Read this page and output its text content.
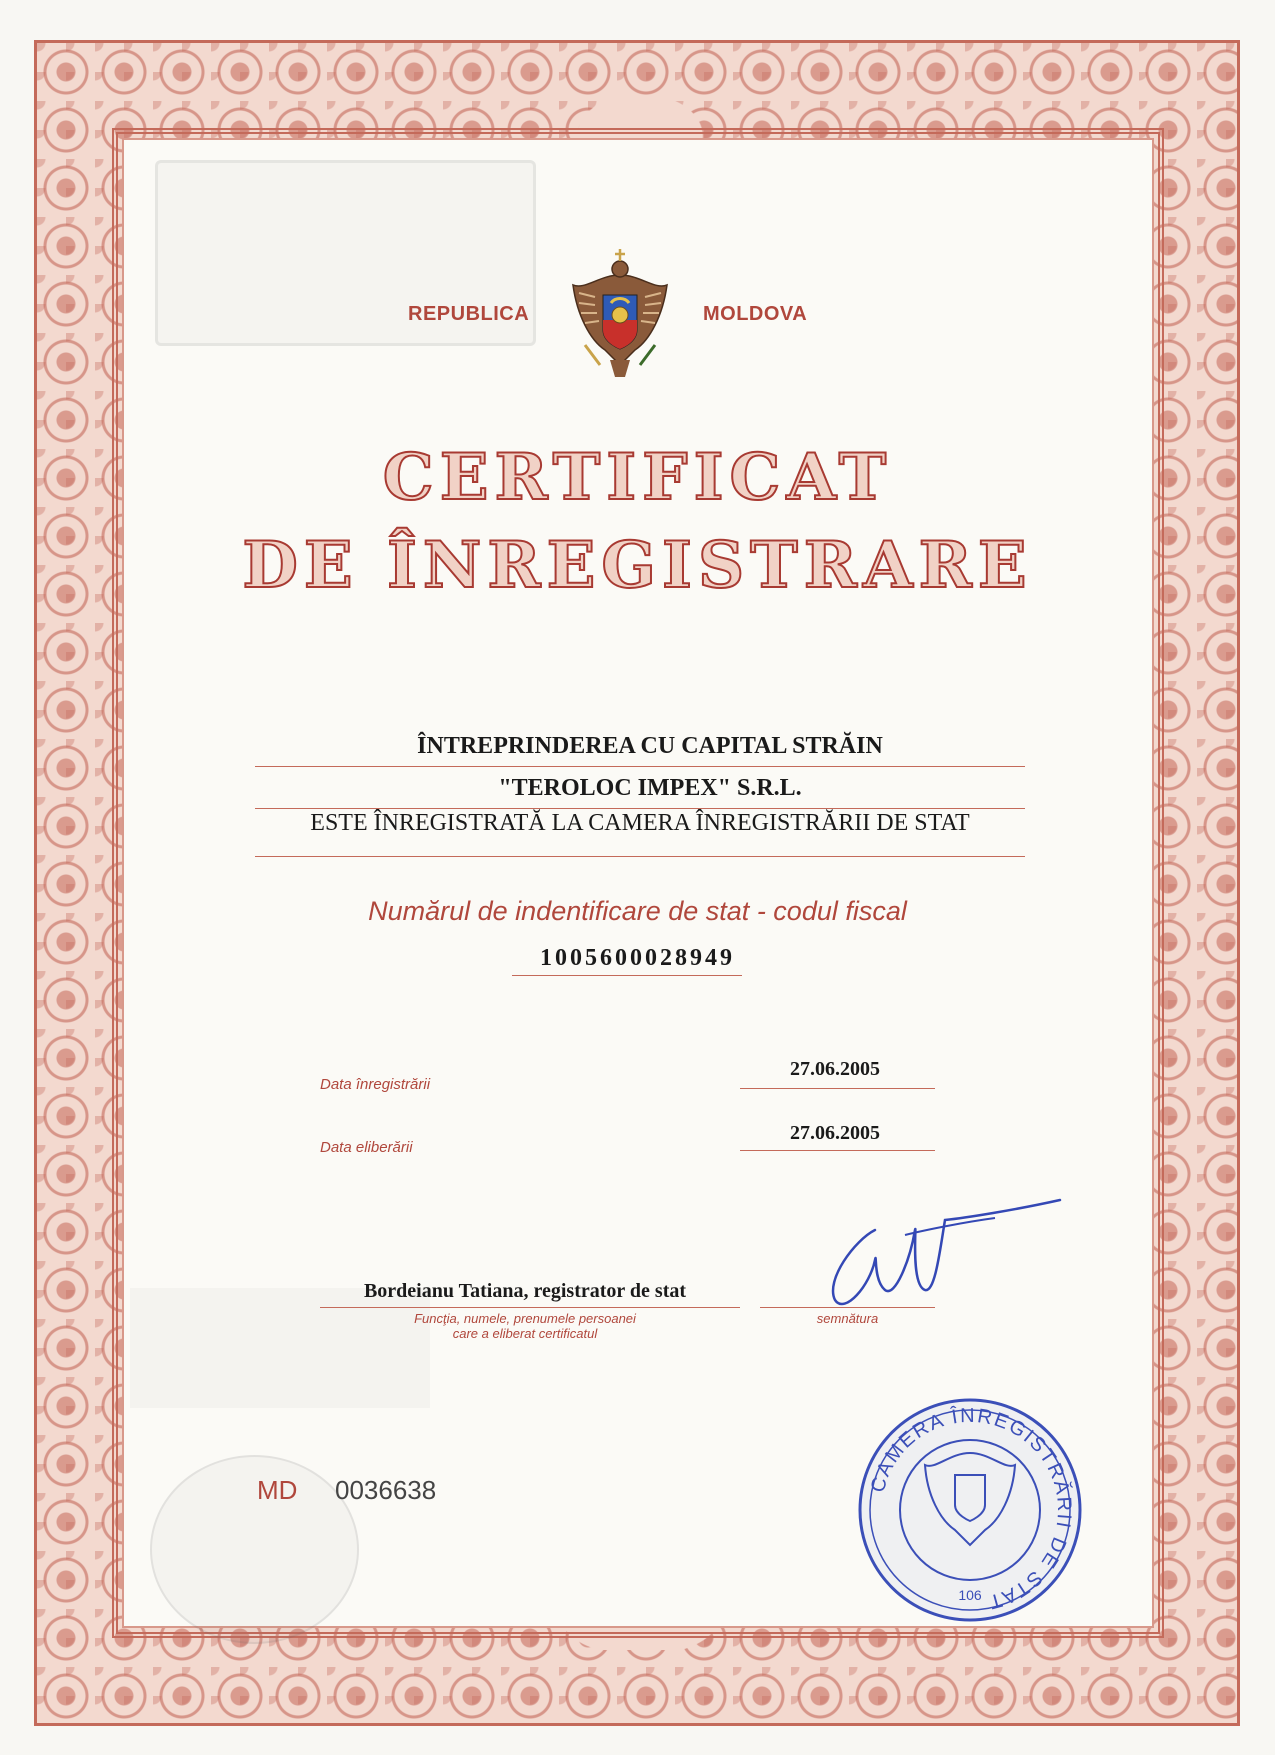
REPUBLICA	MOLDOVA
CERTIFICAT
DE ÎNREGISTRARE
ÎNTREPRINDEREA CU CAPITAL STRĂIN
"TEROLOC IMPEX" S.R.L.
ESTE ÎNREGISTRATĂ LA CAMERA ÎNREGISTRĂRII DE STAT
Numărul de indentificare de stat - codul fiscal
1005600028949
Data înregistrării
27.06.2005
Data eliberării
27.06.2005
Bordeianu Tatiana, registrator de stat
Funcţia, numele, prenumele persoanei
care a eliberat certificatul
semnătura
MD 0036638	CAMERA ÎNREGISTRĂRII DE STAT
106
